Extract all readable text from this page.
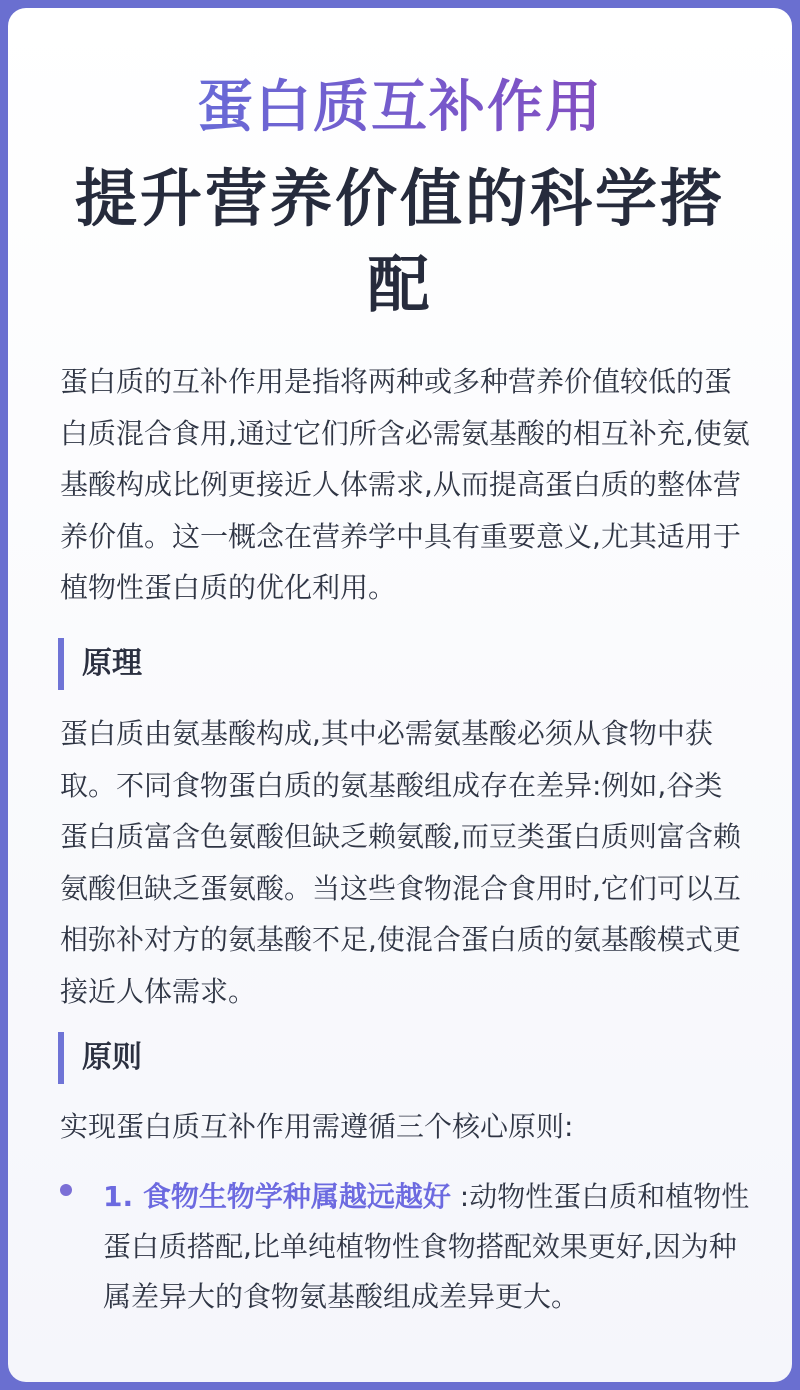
蛋白质互补作用
提升营养价值的科学搭配

蛋白质的互补作用是指将两种或多种营养价值较低的蛋白质混合食用,通过它们所含必需氨基酸的相互补充,使氨基酸构成比例更接近人体需求,从而提高蛋白质的整体营养价值。这一概念在营养学中具有重要意义,尤其适用于植物性蛋白质的优化利用。

原理

蛋白质由氨基酸构成,其中必需氨基酸必须从食物中获取。不同食物蛋白质的氨基酸组成存在差异:例如,谷类蛋白质富含色氨酸但缺乏赖氨酸,而豆类蛋白质则富含赖氨酸但缺乏蛋氨酸。当这些食物混合食用时,它们可以互相弥补对方的氨基酸不足,使混合蛋白质的氨基酸模式更接近人体需求。

原则

实现蛋白质互补作用需遵循三个核心原则:

1. 食物生物学种属越远越好 :动物性蛋白质和植物性蛋白质搭配,比单纯植物性食物搭配效果更好,因为种属差异大的食物氨基酸组成差异更大。
